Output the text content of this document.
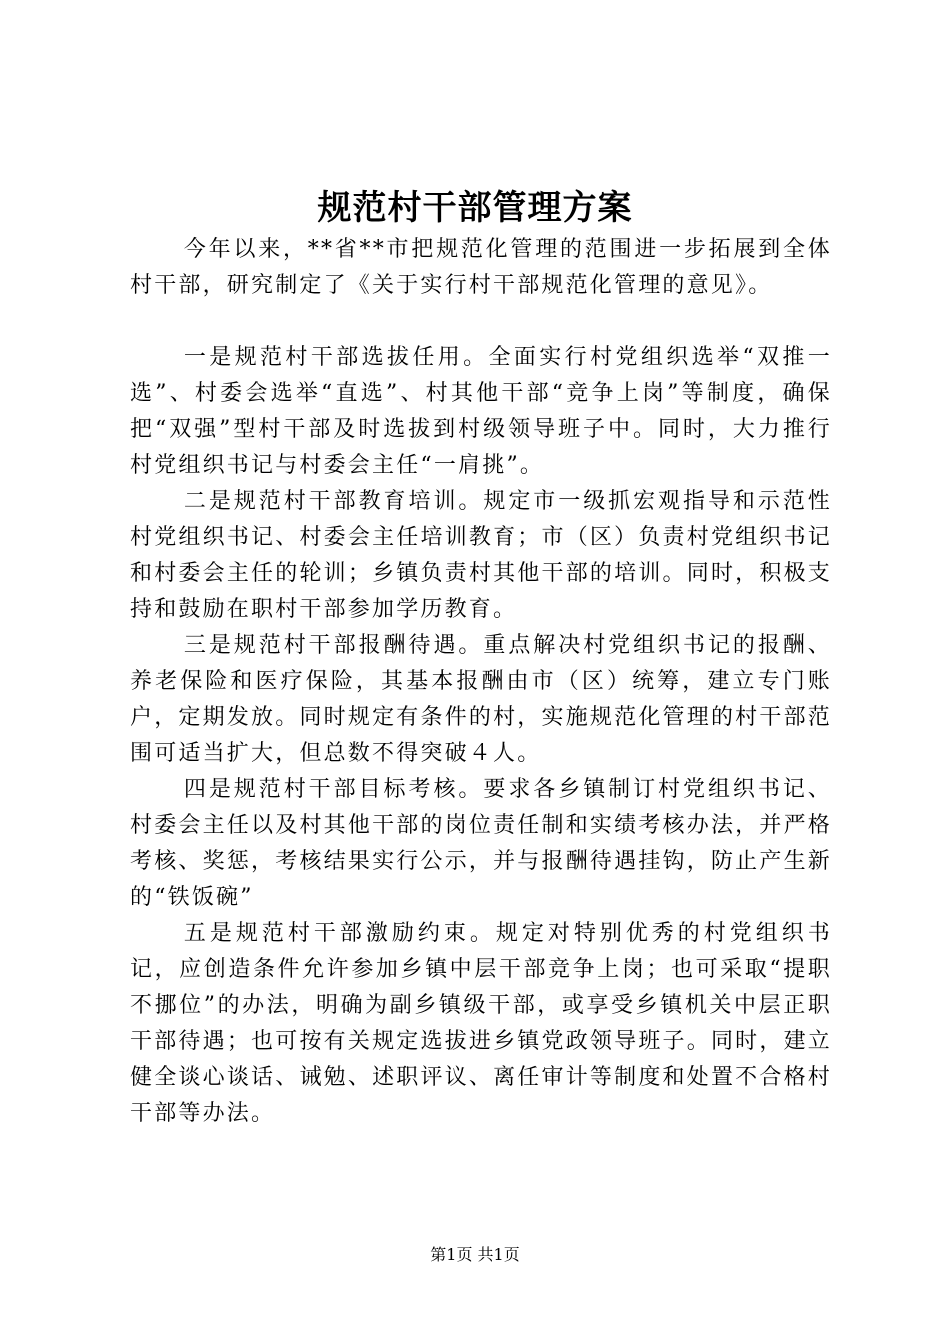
规范村干部管理方案

今年以来，**省**市把规范化管理的范围进一步拓展到全体村干部，研究制定了《关于实行村干部规范化管理的意见》。

一是规范村干部选拔任用。全面实行村党组织选举“双推一选”、村委会选举“直选”、村其他干部“竞争上岗”等制度，确保把“双强”型村干部及时选拔到村级领导班子中。同时，大力推行村党组织书记与村委会主任“一肩挑”。

二是规范村干部教育培训。规定市一级抓宏观指导和示范性村党组织书记、村委会主任培训教育；市（区）负责村党组织书记和村委会主任的轮训；乡镇负责村其他干部的培训。同时，积极支持和鼓励在职村干部参加学历教育。

三是规范村干部报酬待遇。重点解决村党组织书记的报酬、养老保险和医疗保险，其基本报酬由市（区）统筹，建立专门账户，定期发放。同时规定有条件的村，实施规范化管理的村干部范围可适当扩大，但总数不得突破４人。

四是规范村干部目标考核。要求各乡镇制订村党组织书记、村委会主任以及村其他干部的岗位责任制和实绩考核办法，并严格考核、奖惩，考核结果实行公示，并与报酬待遇挂钩，防止产生新的“铁饭碗”

五是规范村干部激励约束。规定对特别优秀的村党组织书记，应创造条件允许参加乡镇中层干部竞争上岗；也可采取“提职不挪位”的办法，明确为副乡镇级干部，或享受乡镇机关中层正职干部待遇；也可按有关规定选拔进乡镇党政领导班子。同时，建立健全谈心谈话、诫勉、述职评议、离任审计等制度和处置不合格村干部等办法。

第1页 共1页
